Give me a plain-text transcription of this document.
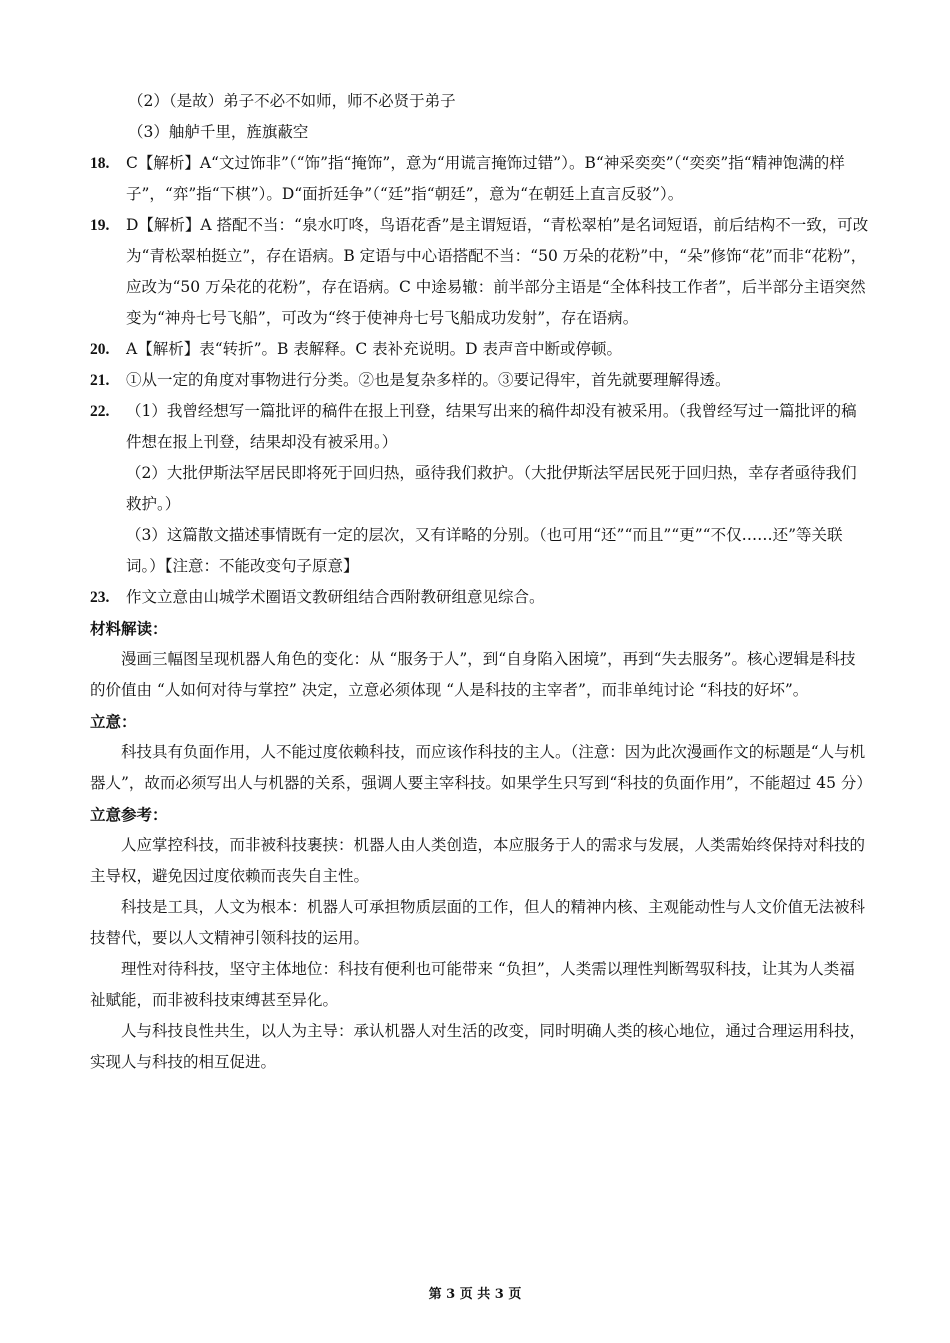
（2）（是故）弟子不必不如师，师不必贤于弟子
（3）舳舻千里，旌旗蔽空
18.	C【解析】A“文过饰非”（“饰”指“掩饰”，意为“用谎言掩饰过错”）。B“神采奕奕”（“奕奕”指“精神饱满的样子”，“弈”指“下棋”）。D“面折廷争”（“廷”指“朝廷”，意为“在朝廷上直言反驳”）。
19.	D【解析】A 搭配不当：“泉水叮咚，鸟语花香”是主谓短语，“青松翠柏”是名词短语，前后结构不一致，可改为“青松翠柏挺立”，存在语病。B 定语与中心语搭配不当：“50 万朵的花粉”中，“朵”修饰“花”而非“花粉”，应改为“50 万朵花的花粉”，存在语病。C 中途易辙：前半部分主语是“全体科技工作者”，后半部分主语突然变为“神舟七号飞船”，可改为“终于使神舟七号飞船成功发射”，存在语病。
20.	A【解析】表“转折”。B 表解释。C 表补充说明。D 表声音中断或停顿。
21.	①从一定的角度对事物进行分类。②也是复杂多样的。③要记得牢，首先就要理解得透。
22.	（1）我曾经想写一篇批评的稿件在报上刊登，结果写出来的稿件却没有被采用。（我曾经写过一篇批评的稿件想在报上刊登，结果却没有被采用。）
（2）大批伊斯法罕居民即将死于回归热，亟待我们救护。（大批伊斯法罕居民死于回归热，幸存者亟待我们救护。）
（3）这篇散文描述事情既有一定的层次，又有详略的分别。（也可用“还”“而且”“更”“不仅……还”等关联词。）【注意：不能改变句子原意】
23.	作文立意由山城学术圈语文教研组结合西附教研组意见综合。
材料解读：
漫画三幅图呈现机器人角色的变化：从 “服务于人”，到“自身陷入困境”，再到“失去服务”。核心逻辑是科技的价值由 “人如何对待与掌控” 决定，立意必须体现 “人是科技的主宰者”，而非单纯讨论 “科技的好坏”。
立意：
科技具有负面作用，人不能过度依赖科技，而应该作科技的主人。（注意：因为此次漫画作文的标题是“人与机器人”，故而必须写出人与机器的关系，强调人要主宰科技。如果学生只写到“科技的负面作用”，不能超过 45 分）
立意参考：
人应掌控科技，而非被科技裹挟：机器人由人类创造，本应服务于人的需求与发展，人类需始终保持对科技的主导权，避免因过度依赖而丧失自主性。
科技是工具，人文为根本：机器人可承担物质层面的工作，但人的精神内核、主观能动性与人文价值无法被科技替代，要以人文精神引领科技的运用。
理性对待科技，坚守主体地位：科技有便利也可能带来 “负担”，人类需以理性判断驾驭科技，让其为人类福祉赋能，而非被科技束缚甚至异化。
人与科技良性共生，以人为主导：承认机器人对生活的改变，同时明确人类的核心地位，通过合理运用科技，实现人与科技的相互促进。
第 3 页 共 3 页
